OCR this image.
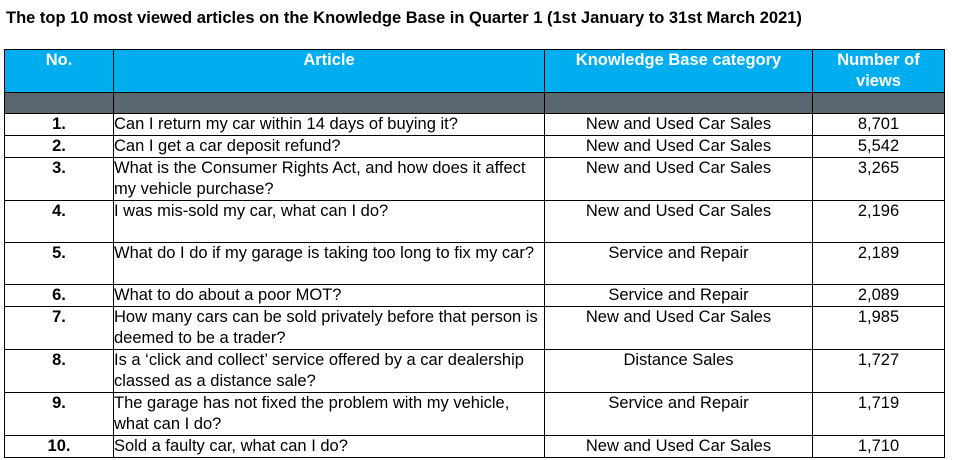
The top 10 most viewed articles on the Knowledge Base in Quarter 1 (1st January to 31st March 2021)
No.	Article	Knowledge Base category	Number of views

1.	Can I return my car within 14 days of buying it?	New and Used Car Sales	8,701
2.	Can I get a car deposit refund?	New and Used Car Sales	5,542
3.	What is the Consumer Rights Act, and how does it affect my vehicle purchase?	New and Used Car Sales	3,265
4.	I was mis-sold my car, what can I do?	New and Used Car Sales	2,196
5.	What do I do if my garage is taking too long to fix my car?	Service and Repair	2,189
6.	What to do about a poor MOT?	Service and Repair	2,089
7.	How many cars can be sold privately before that person is deemed to be a trader?	New and Used Car Sales	1,985
8.	Is a ‘click and collect’ service offered by a car dealership classed as a distance sale?	Distance Sales	1,727
9.	The garage has not fixed the problem with my vehicle, what can I do?	Service and Repair	1,719
10.	Sold a faulty car, what can I do?	New and Used Car Sales	1,710
